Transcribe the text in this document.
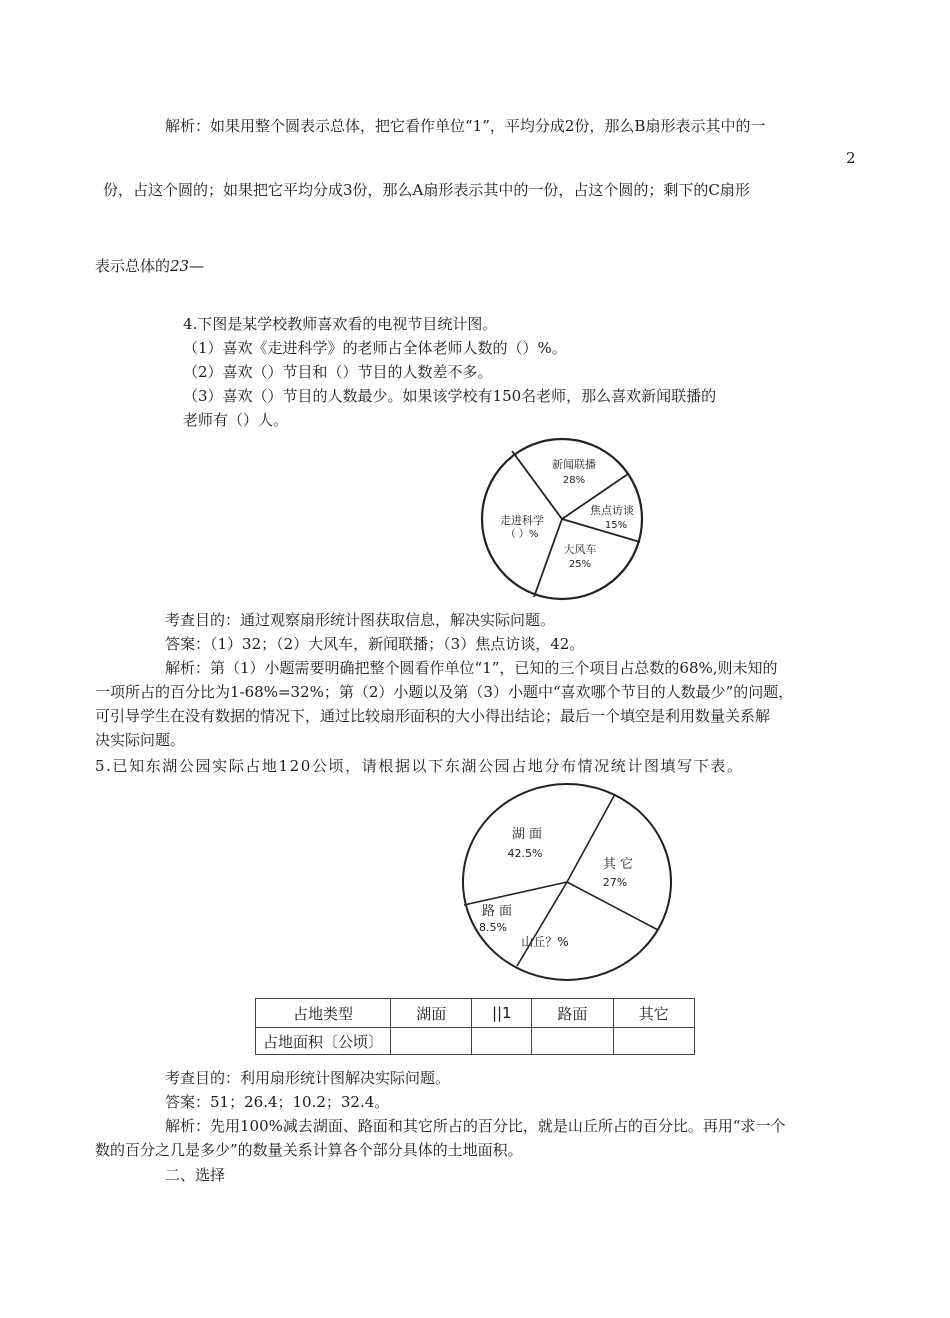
解析：如果用整个圆表示总体，把它看作单位“1”，平均分成2份，那么B扇形表示其中的一
2
份，占这个圆的；如果把它平均分成3份，那么A扇形表示其中的一份，占这个圆的；剩下的C扇形
表示总体的23—
4.下图是某学校教师喜欢看的电视节目统计图。
（1）喜欢《走进科学》的老师占全体老师人数的（）%。
（2）喜欢（）节目和（）节目的人数差不多。
（3）喜欢（）节目的人数最少。如果该学校有150名老师，那么喜欢新闻联播的
老师有（）人。
新闻联播
28%
焦点访谈
15%
走进科学
（ ）%
大风车
25%
考查目的：通过观察扇形统计图获取信息，解决实际问题。
答案：（1）32；（2）大风车，新闻联播；（3）焦点访谈，42。
解析：第（1）小题需要明确把整个圆看作单位“1”，已知的三个项目占总数的68%,则未知的
一项所占的百分比为1-68%=32%；第（2）小题以及第（3）小题中“喜欢哪个节目的人数最少”的问题，
可引导学生在没有数据的情况下，通过比较扇形面积的大小得出结论；最后一个填空是利用数量关系解
决实际问题。
5.已知东湖公园实际占地120公顷，请根据以下东湖公园占地分布情况统计图填写下表。
湖 面
42.5%
其 它
27%
路 面
8.5%
山丘？%
占地类型	湖面	||1	路面	其它

占地面积〔公顷〕				

考查目的：利用扇形统计图解决实际问题。
答案：51；26.4；10.2；32.4。
解析：先用100%减去湖面、路面和其它所占的百分比，就是山丘所占的百分比。再用“求一个
数的百分之几是多少”的数量关系计算各个部分具体的土地面积。
二、选择
